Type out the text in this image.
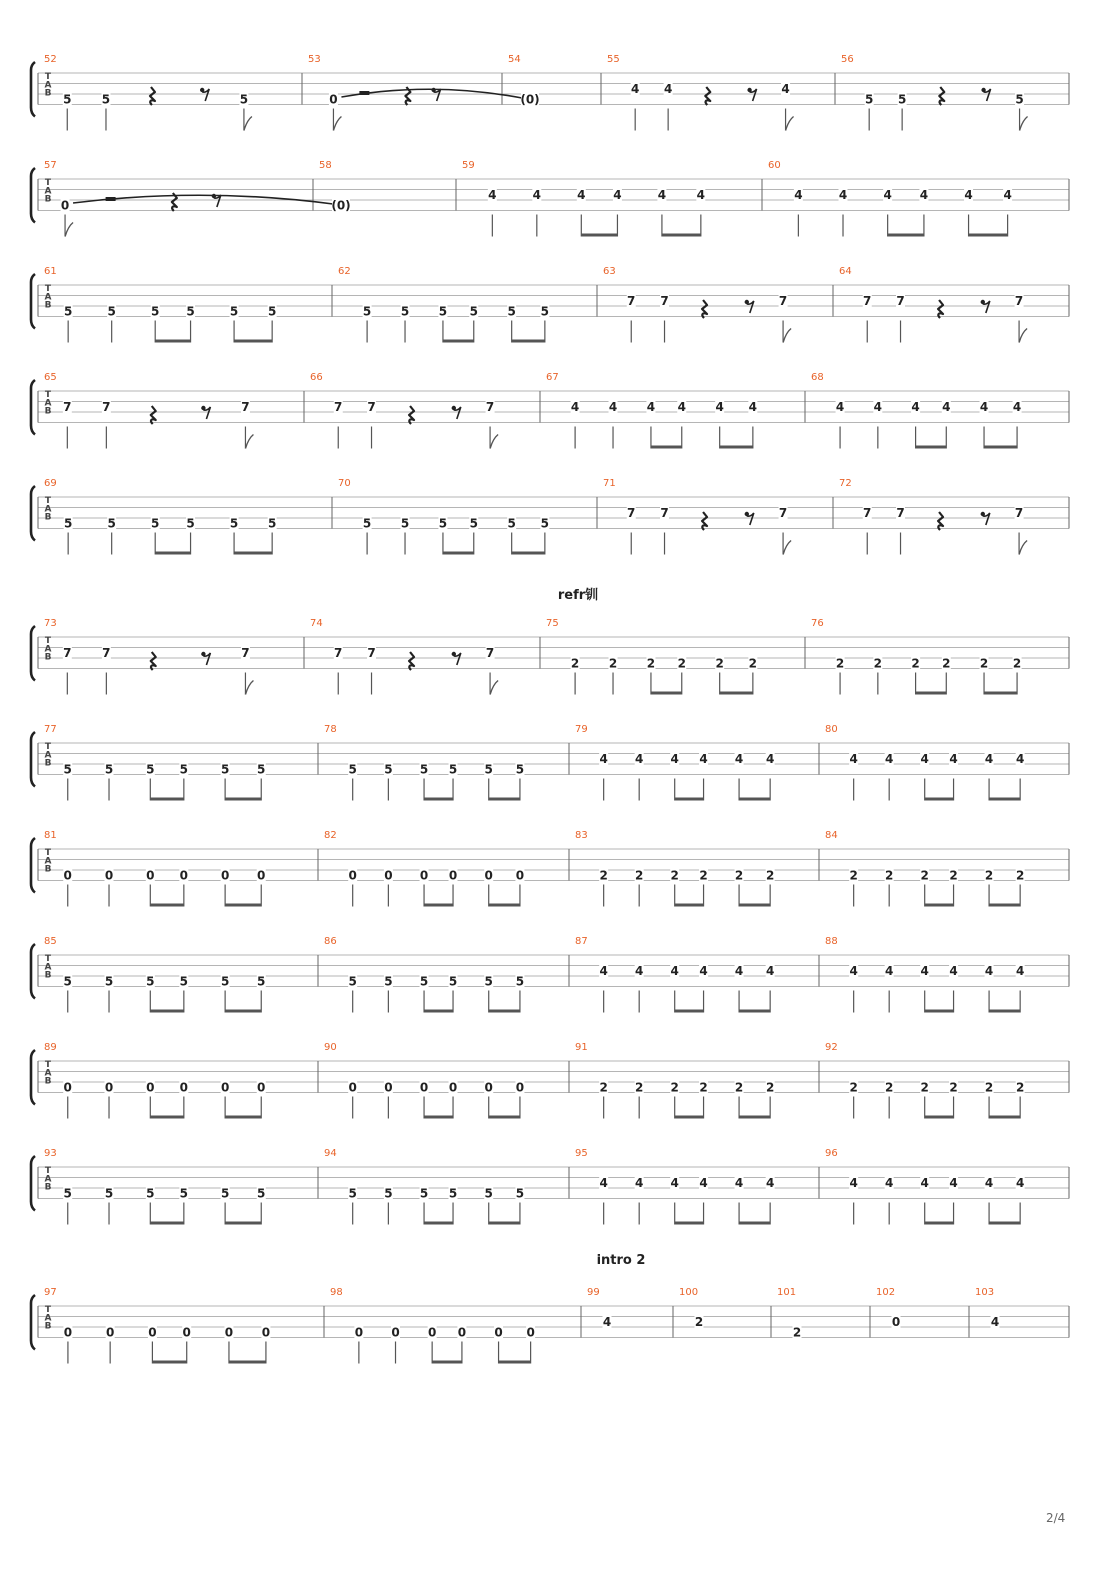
T
A
B
52
5	5	5
53
0
54
(0)
55
4 4	4
56
5 5	5
T
A
B
57
0
58
(0)
59
4	4	4 4	4	4
60
4	4	4 4	4	4
T
A
B
61
5	5	5 5	5 5
62
5 5 5 5 5 5
63
7 7	7
64
7 7	7
T
A
B
65
7	7	7
66
7 7	7
67
4 4 4 4 4 4
68
4 4 4 4 4 4
T
A
B
69
5	5	5 5	5 5
70
5 5 5 5 5 5
71
7 7	7
72
7 7	7
T
A
B
73
7	7	7
74
7 7	7
75
2 2 2 2 2 2
76
2 2 2 2 2 2
T
A
B
77
5	5	5 5	5 5
78
5 5 5 5 5 5
79
4 4 4 4 4 4
80
4 4 4 4 4 4
T
A
B
81
0	0	0 0	0 0
82
0 0 0 0 0 0
83
2 2 2 2 2 2
84
2 2 2 2 2 2
T
A
B
85
5	5	5 5	5 5
86
5 5 5 5 5 5
87
4 4 4 4 4 4
88
4 4 4 4 4 4
T
A
B
89
0	0	0 0	0 0
90
0 0 0 0 0 0
91
2 2 2 2 2 2
92
2 2 2 2 2 2
T
A
B
93
5	5	5 5	5 5
94
5 5 5 5 5 5
95
4 4 4 4 4 4
96
4 4 4 4 4 4
T
A
B
97
0	0	0 0	0 0
98
0 0 0 0 0 0
99
4
100
2
101
2
102
0
103
4
refr钏
intro 2
2/4
